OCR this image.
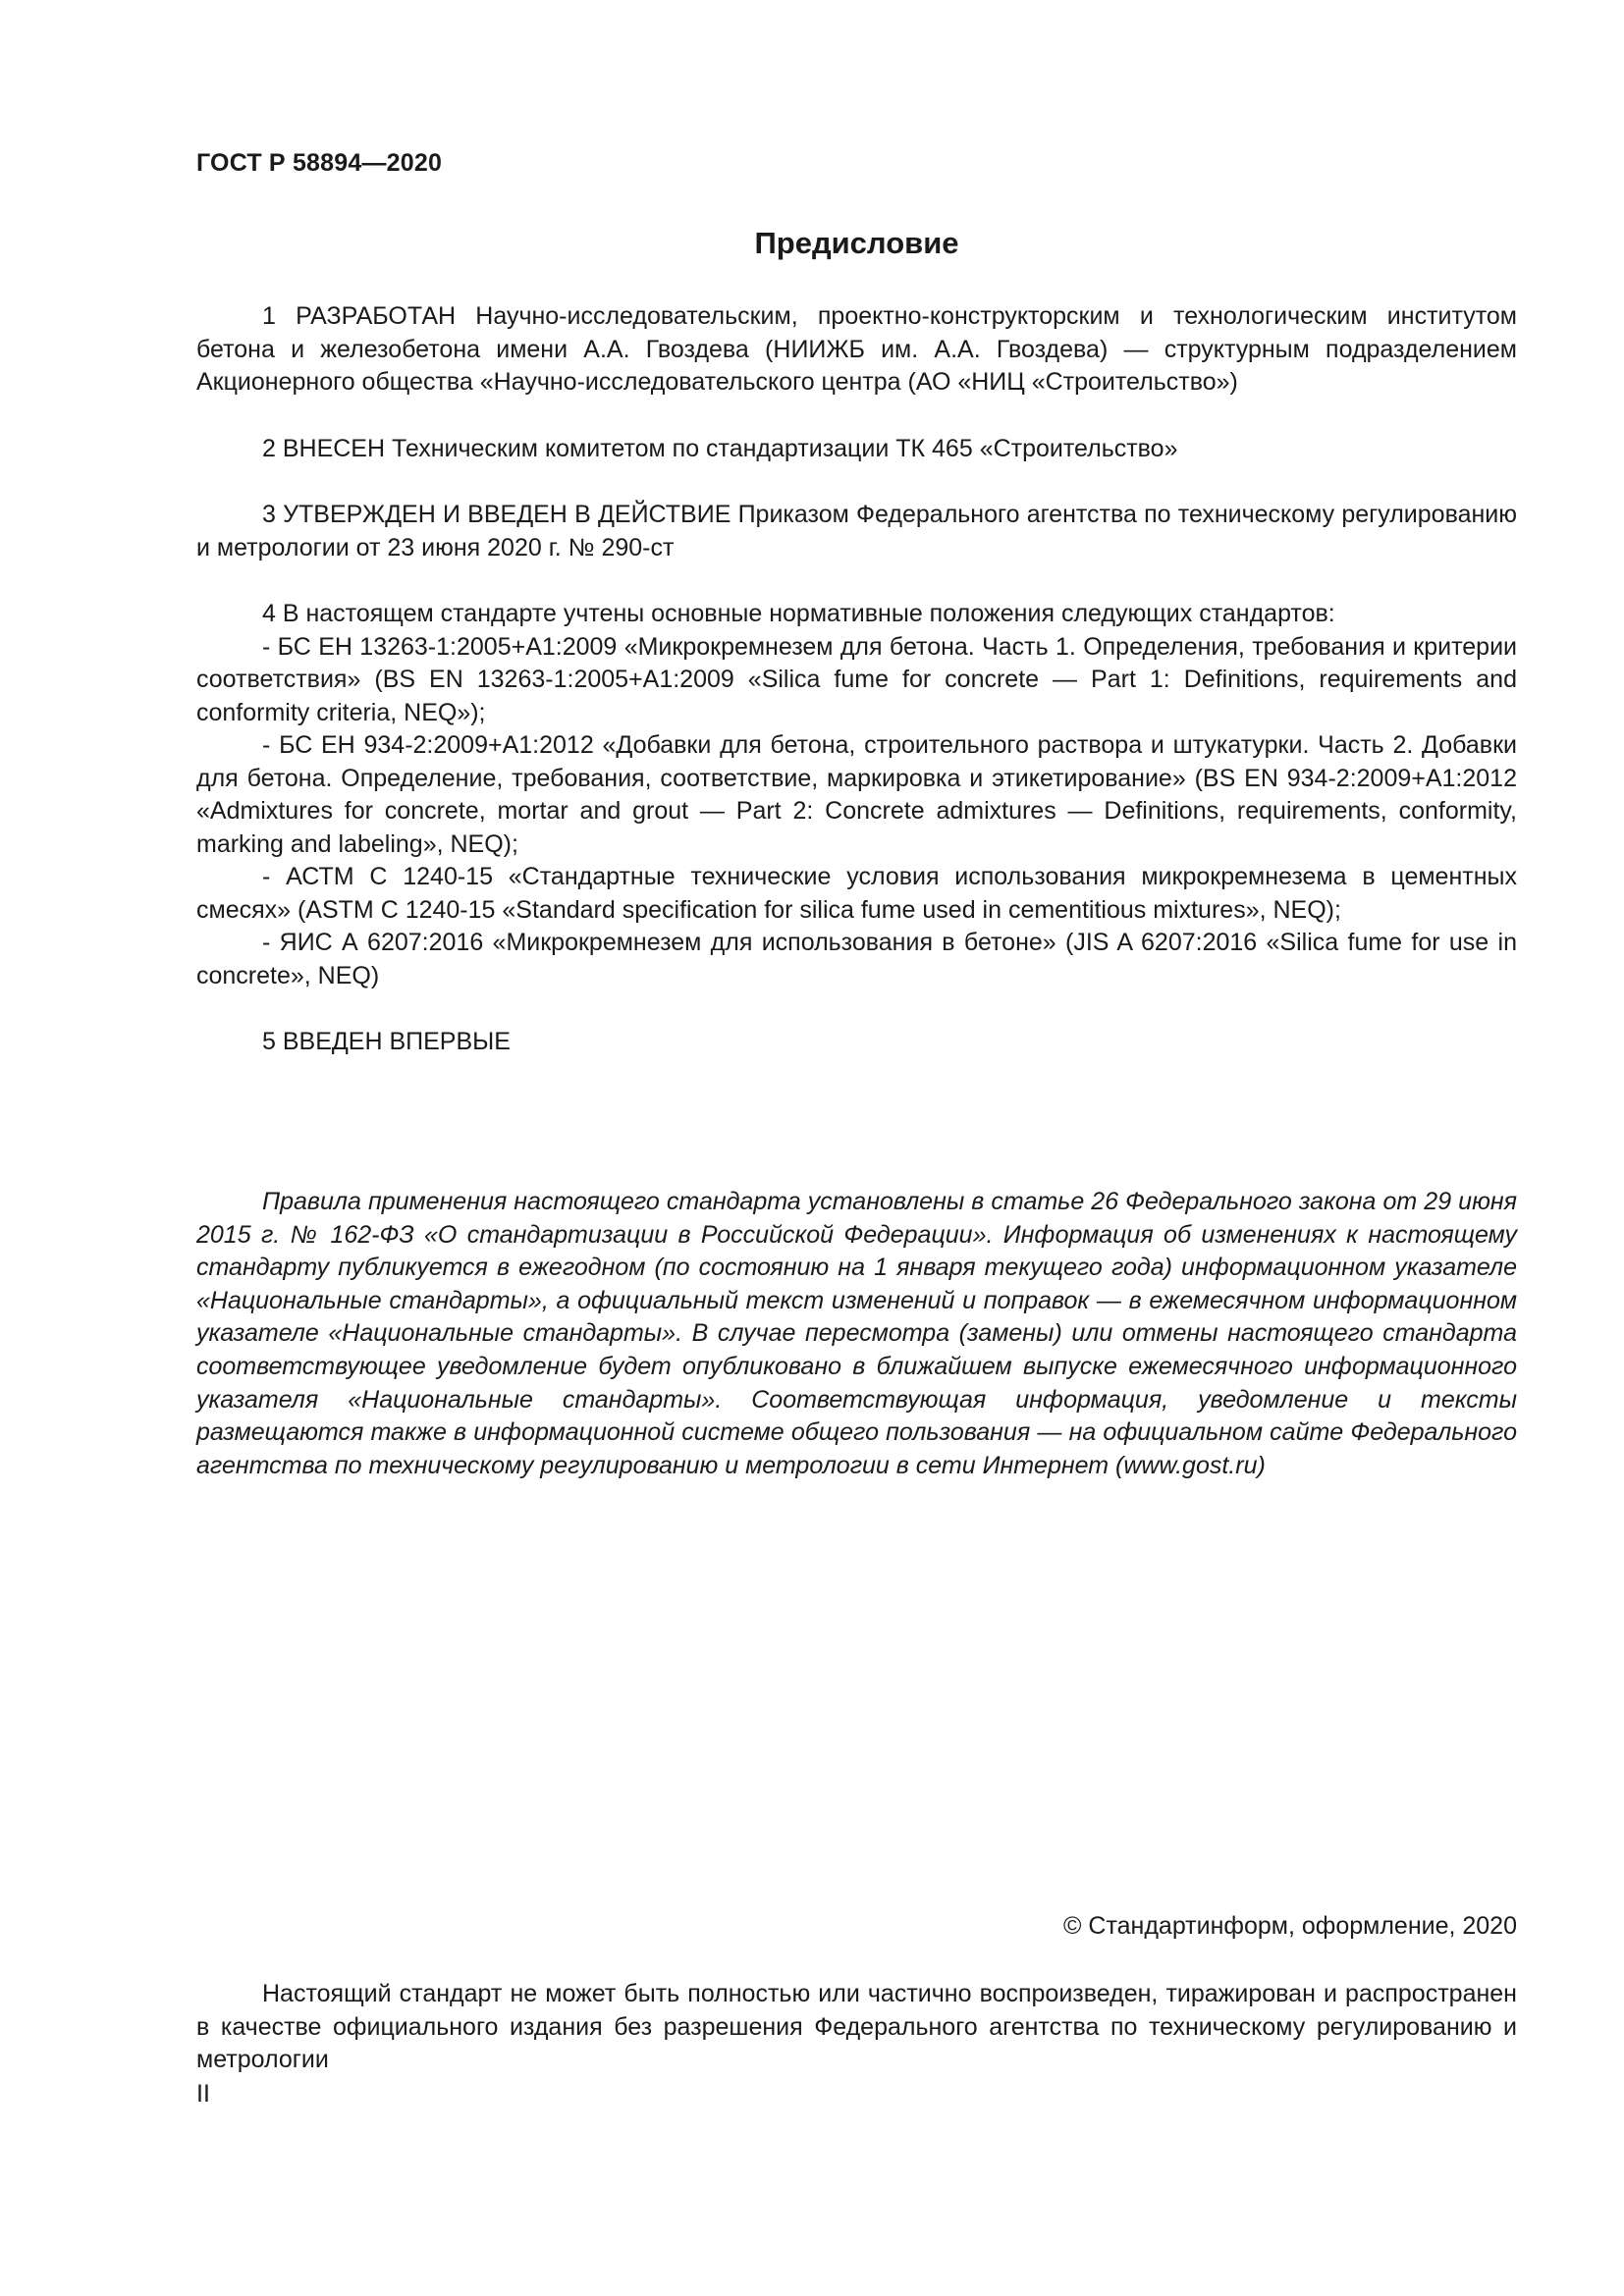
ГОСТ Р 58894—2020
Предисловие

1 РАЗРАБОТАН Научно-исследовательским, проектно-конструкторским и технологическим институтом бетона и железобетона имени А.А. Гвоздева (НИИЖБ им. А.А. Гвоздева) — структурным подразделением Акционерного общества «Научно-исследовательского центра (АО «НИЦ «Строительство»)

2 ВНЕСЕН Техническим комитетом по стандартизации ТК 465 «Строительство»

3 УТВЕРЖДЕН И ВВЕДЕН В ДЕЙСТВИЕ Приказом Федерального агентства по техническому регулированию и метрологии от 23 июня 2020 г. № 290-ст

4 В настоящем стандарте учтены основные нормативные положения следующих стандартов:

- БС ЕН 13263-1:2005+А1:2009 «Микрокремнезем для бетона. Часть 1. Определения, требования и критерии соответствия» (BS EN 13263-1:2005+A1:2009 «Silica fume for concrete — Part 1: Definitions, requirements and conformity criteria, NEQ»);

- БС ЕН 934-2:2009+А1:2012 «Добавки для бетона, строительного раствора и штукатурки. Часть 2. Добавки для бетона. Определение, требования, соответствие, маркировка и этикетирование» (BS EN 934-2:2009+A1:2012 «Admixtures for concrete, mortar and grout — Part 2: Concrete admixtures — Definitions, requirements, conformity, marking and labeling», NEQ);

- АСТМ С 1240-15 «Стандартные технические условия использования микрокремнезема в цементных смесях» (ASTM C 1240-15 «Standard specification for silica fume used in cementitious mixtures», NEQ);

- ЯИС А 6207:2016 «Микрокремнезем для использования в бетоне» (JIS A 6207:2016 «Silica fume for use in concrete», NEQ)

5 ВВЕДЕН ВПЕРВЫЕ

Правила применения настоящего стандарта установлены в статье 26 Федерального закона от 29 июня 2015 г. № 162-ФЗ «О стандартизации в Российской Федерации». Информация об изменениях к настоящему стандарту публикуется в ежегодном (по состоянию на 1 января текущего года) информационном указателе «Национальные стандарты», а официальный текст изменений и поправок — в ежемесячном информационном указателе «Национальные стандарты». В случае пересмотра (замены) или отмены настоящего стандарта соответствующее уведомление будет опубликовано в ближайшем выпуске ежемесячного информационного указателя «Национальные стандарты». Соответствующая информация, уведомление и тексты размещаются также в информационной системе общего пользования — на официальном сайте Федерального агентства по техническому регулированию и метрологии в сети Интернет (www.gost.ru)

© Стандартинформ, оформление, 2020

Настоящий стандарт не может быть полностью или частично воспроизведен, тиражирован и распространен в качестве официального издания без разрешения Федерального агентства по техническому регулированию и метрологии

II
